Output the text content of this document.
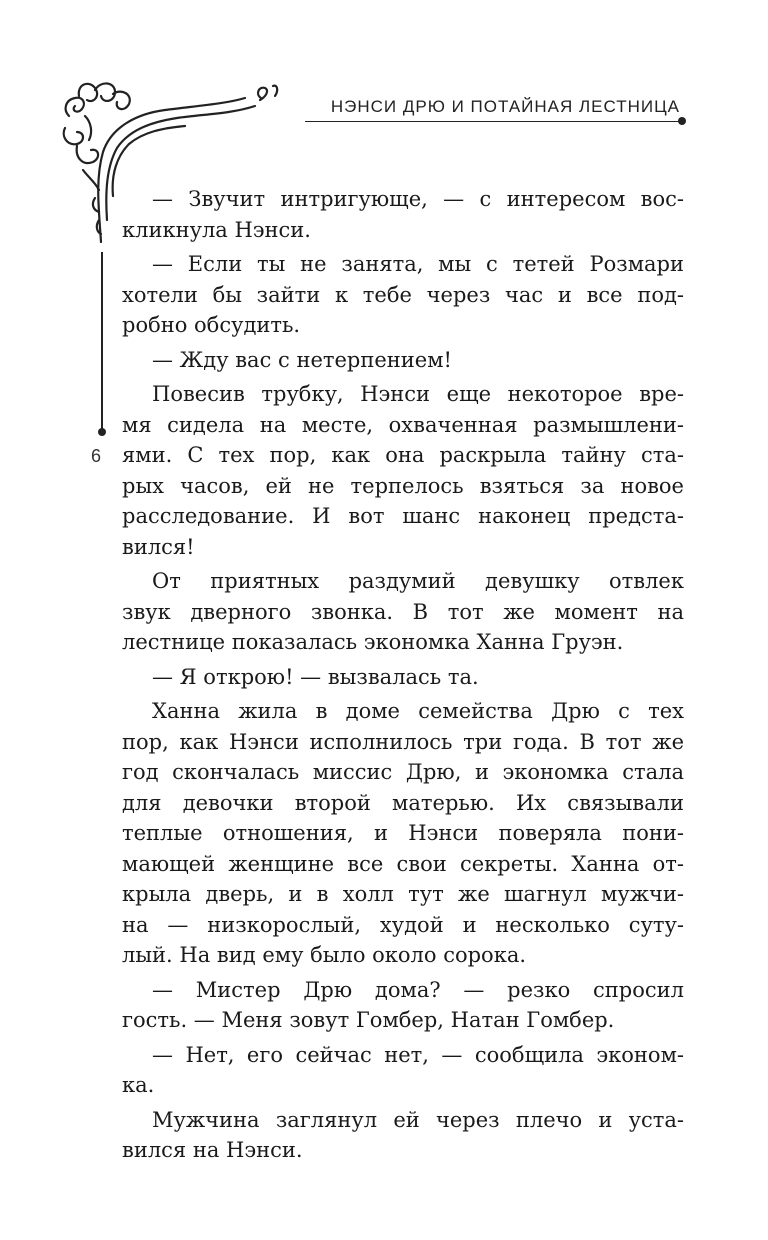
НЭНСИ ДРЮ И ПОТАЙНАЯ ЛЕСТНИЦА
6
— Звучит интригующе, — с интересом вос-
кликнула Нэнси.
— Если ты не занята, мы с тетей Розмари
хотели бы зайти к тебе через час и все под-
робно обсудить.
— Жду вас с нетерпением!
Повесив трубку, Нэнси еще некоторое вре-
мя сидела на месте, охваченная размышлени-
ями. С тех пор, как она раскрыла тайну ста-
рых часов, ей не терпелось взяться за новое
расследование. И вот шанс наконец предста-
вился!
От приятных раздумий девушку отвлек
звук дверного звонка. В тот же момент на
лестнице показалась экономка Ханна Груэн.
— Я открою! — вызвалась та.
Ханна жила в доме семейства Дрю с тех
пор, как Нэнси исполнилось три года. В тот же
год скончалась миссис Дрю, и экономка стала
для девочки второй матерью. Их связывали
теплые отношения, и Нэнси поверяла пони-
мающей женщине все свои секреты. Ханна от-
крыла дверь, и в холл тут же шагнул мужчи-
на — низкорослый, худой и несколько суту-
лый. На вид ему было около сорока.
— Мистер Дрю дома? — резко спросил
гость. — Меня зовут Гомбер, Натан Гомбер.
— Нет, его сейчас нет, — сообщила эконом-
ка.
Мужчина заглянул ей через плечо и уста-
вился на Нэнси.
